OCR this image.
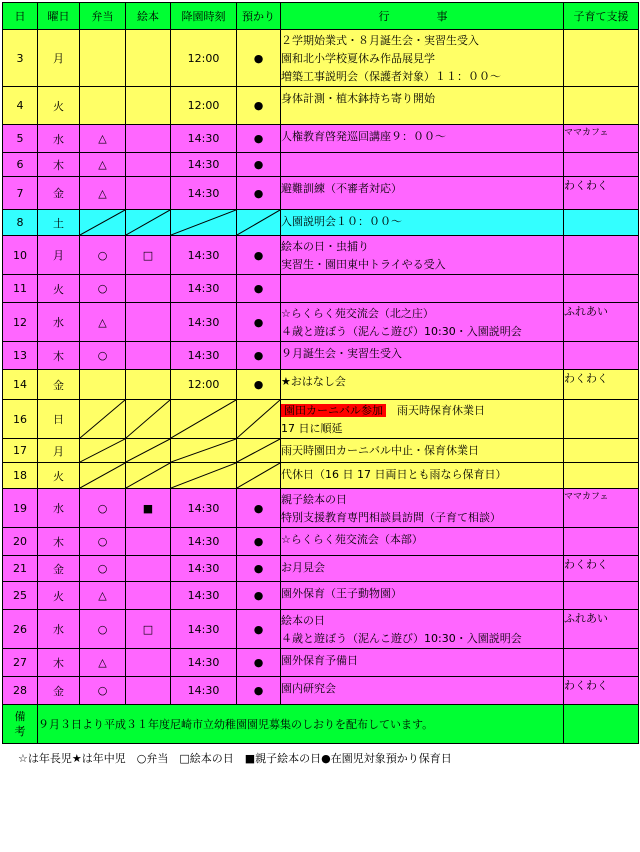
日	曜日	弁当	絵本	降園時刻	預かり	行　事	子育て支援
3	月			12:00	●	２学期始業式・８月誕生会・実習生受入
園和北小学校夏休み作品展見学
増築工事説明会（保護者対象）１１：００～	

4	火			12:00	●	身体計測・植木鉢持ち寄り開始	

5	水	△		14:30	●	人権教育啓発巡回講座９：００～	ママカフェ
6	木	△		14:30	●	

7	金	△		14:30	●	避難訓練（不審者対応）	わくわく
8	土					入園説明会１０：００～	

10	月	○	□	14:30	●	絵本の日・虫捕り
実習生・園田東中トライやる受入	

11	火	○		14:30	●	

12	水	△		14:30	●	☆らくらく苑交流会（北之庄）
４歳と遊ぼう（泥んこ遊び）10:30・入園説明会	ふれあい
13	木	○		14:30	●	９月誕生会・実習生受入	

14	金			12:00	●	★おはなし会	わくわく
16	日					園田カーニバル参加　雨天時保育休業日
17 日に順延	

17	月					雨天時園田カーニバル中止・保育休業日	

18	火					代休日（16 日 17 日両日とも雨なら保育日）	

19	水	○	■	14:30	●	親子絵本の日
特別支援教育専門相談員訪問（子育て相談）	ママカフェ
20	木	○		14:30	●	☆らくらく苑交流会（本部）	

21	金	○		14:30	●	お月見会	わくわく
25	火	△		14:30	●	園外保育（王子動物園）	

26	水	○	□	14:30	●	絵本の日
４歳と遊ぼう（泥んこ遊び）10:30・入園説明会	ふれあい
27	木	△		14:30	●	園外保育予備日	

28	金	○		14:30	●	園内研究会	わくわく
備考	９月３日より平成３１年度尼崎市立幼稚園園児募集のしおりを配布しています。						
☆は年長児★は年中児　○弁当　□絵本の日　■親子絵本の日●在園児対象預かり保育日
